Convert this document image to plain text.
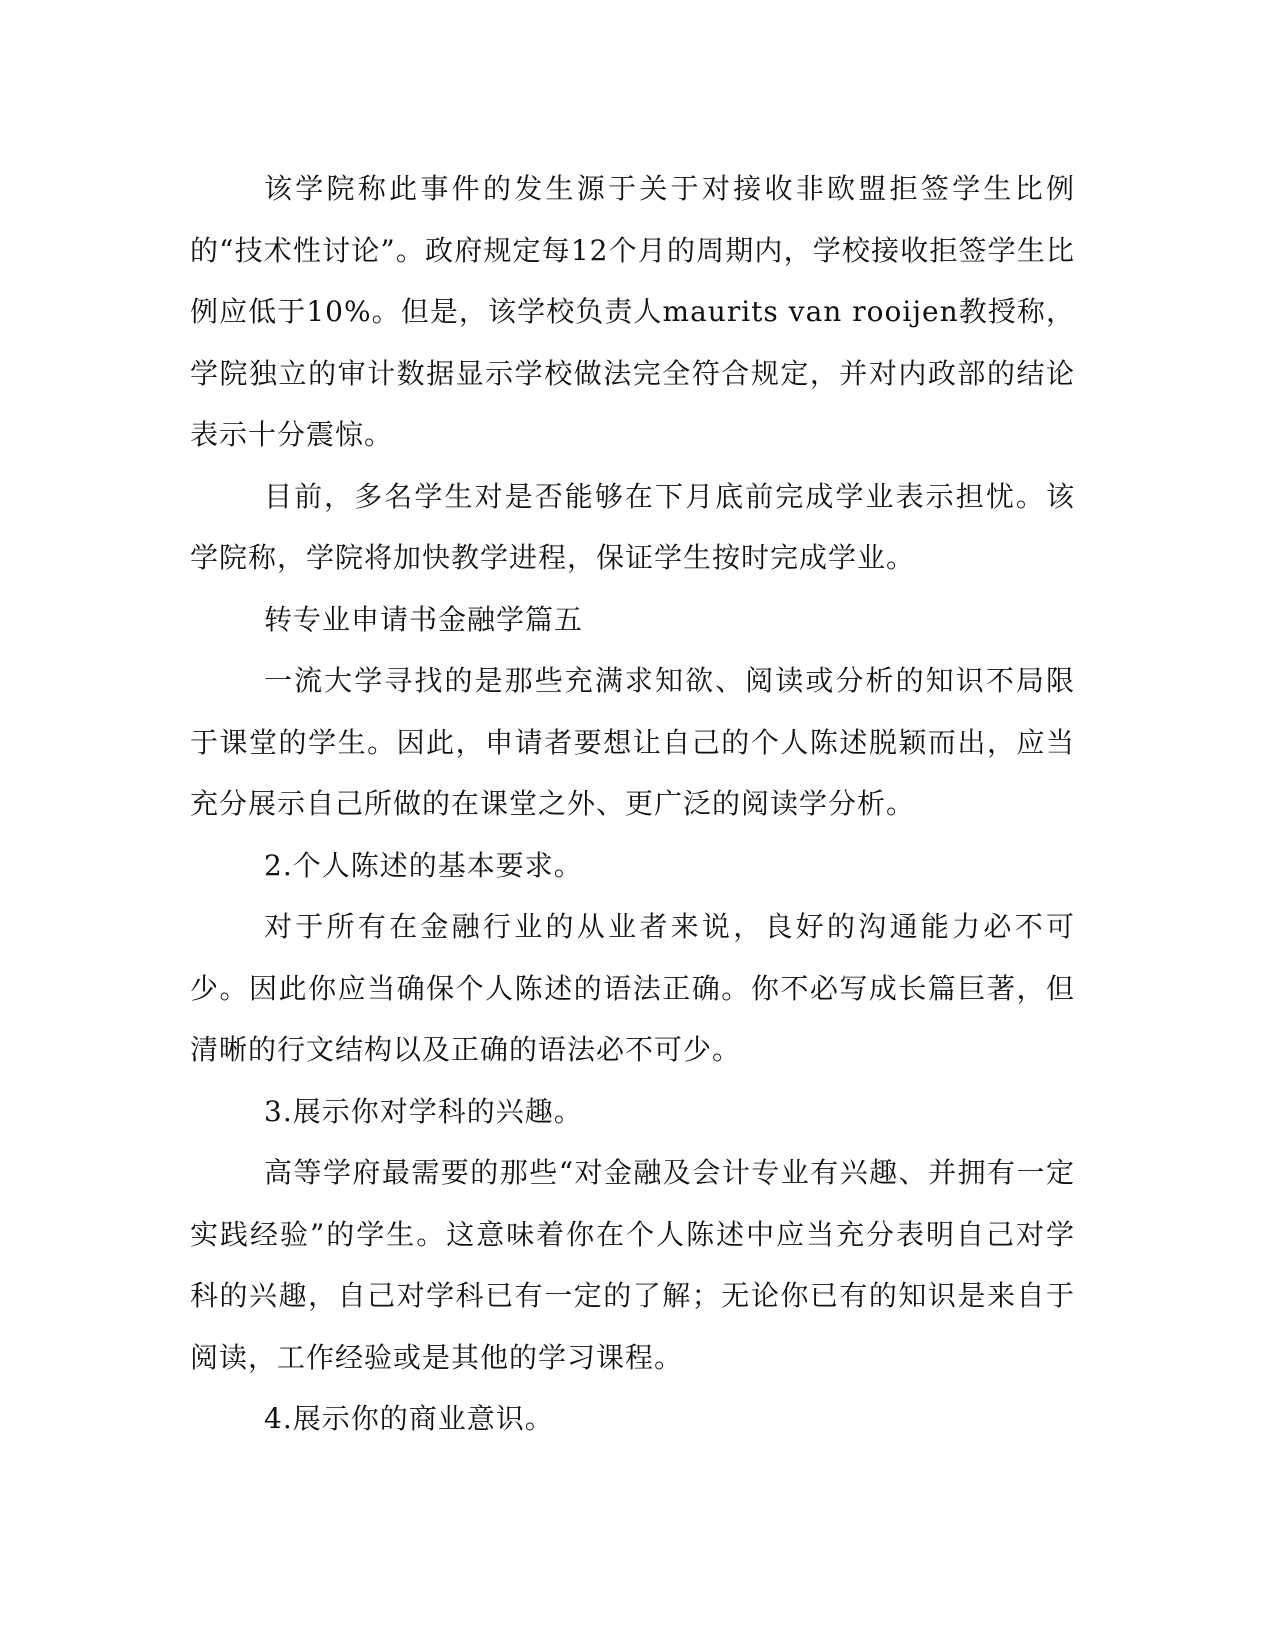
该学院称此事件的发生源于关于对接收非欧盟拒签学生比例的“技术性讨论”。政府规定每12个月的周期内，学校接收拒签学生比例应低于10%。但是，该学校负责人maurits van rooijen教授称，学院独立的审计数据显示学校做法完全符合规定，并对内政部的结论表示十分震惊。

目前，多名学生对是否能够在下月底前完成学业表示担忧。该学院称，学院将加快教学进程，保证学生按时完成学业。

转专业申请书金融学篇五

一流大学寻找的是那些充满求知欲、阅读或分析的知识不局限于课堂的学生。因此，申请者要想让自己的个人陈述脱颖而出，应当充分展示自己所做的在课堂之外、更广泛的阅读学分析。

2.个人陈述的基本要求。

对于所有在金融行业的从业者来说，良好的沟通能力必不可少。因此你应当确保个人陈述的语法正确。你不必写成长篇巨著，但清晰的行文结构以及正确的语法必不可少。

3.展示你对学科的兴趣。

高等学府最需要的那些“对金融及会计专业有兴趣、并拥有一定实践经验”的学生。这意味着你在个人陈述中应当充分表明自己对学科的兴趣，自己对学科已有一定的了解；无论你已有的知识是来自于阅读，工作经验或是其他的学习课程。

4.展示你的商业意识。
